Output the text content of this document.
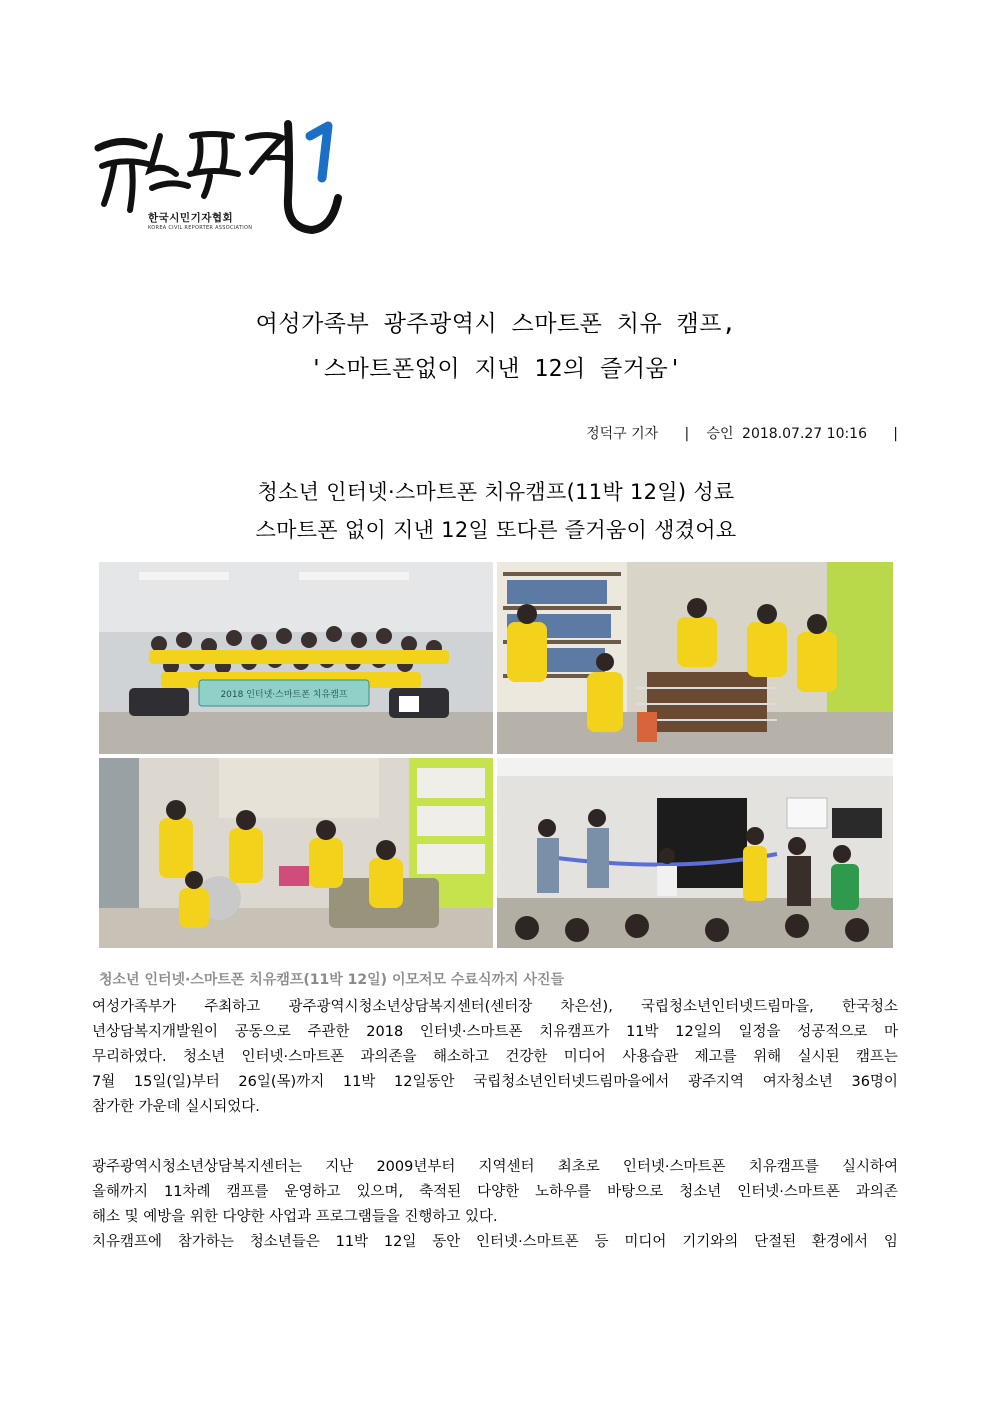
한국시민기자협회
KOREA CIVIL REPORTER ASSOCIATION
여성가족부 광주광역시 스마트폰 치유 캠프,
'스마트폰없이 지낸 12의 즐거움'
정덕구 기자 | 승인 2018.07.27 10:16 |
청소년 인터넷·스마트폰 치유캠프(11박 12일) 성료
스마트폰 없이 지낸 12일 또다른 즐거움이 생겼어요
2018 인터넷·스마트폰 치유캠프
청소년 인터넷·스마트폰 치유캠프(11박 12일) 이모저모 수료식까지 사진들
여성가족부가 주최하고 광주광역시청소년상담복지센터(센터장 차은선), 국립청소년인터넷드림마을, 한국청소
년상담복지개발원이 공동으로 주관한 2018 인터넷·스마트폰 치유캠프가 11박 12일의 일정을 성공적으로 마
무리하였다. 청소년 인터넷·스마트폰 과의존을 해소하고 건강한 미디어 사용습관 제고를 위해 실시된 캠프는
7월 15일(일)부터 26일(목)까지 11박 12일동안 국립청소년인터넷드림마을에서 광주지역 여자청소년 36명이
참가한 가운데 실시되었다.
광주광역시청소년상담복지센터는 지난 2009년부터 지역센터 최초로 인터넷·스마트폰 치유캠프를 실시하여
올해까지 11차례 캠프를 운영하고 있으며, 축적된 다양한 노하우를 바탕으로 청소년 인터넷·스마트폰 과의존
해소 및 예방을 위한 다양한 사업과 프로그램들을 진행하고 있다.
치유캠프에 참가하는 청소년들은 11박 12일 동안 인터넷·스마트폰 등 미디어 기기와의 단절된 환경에서 임
